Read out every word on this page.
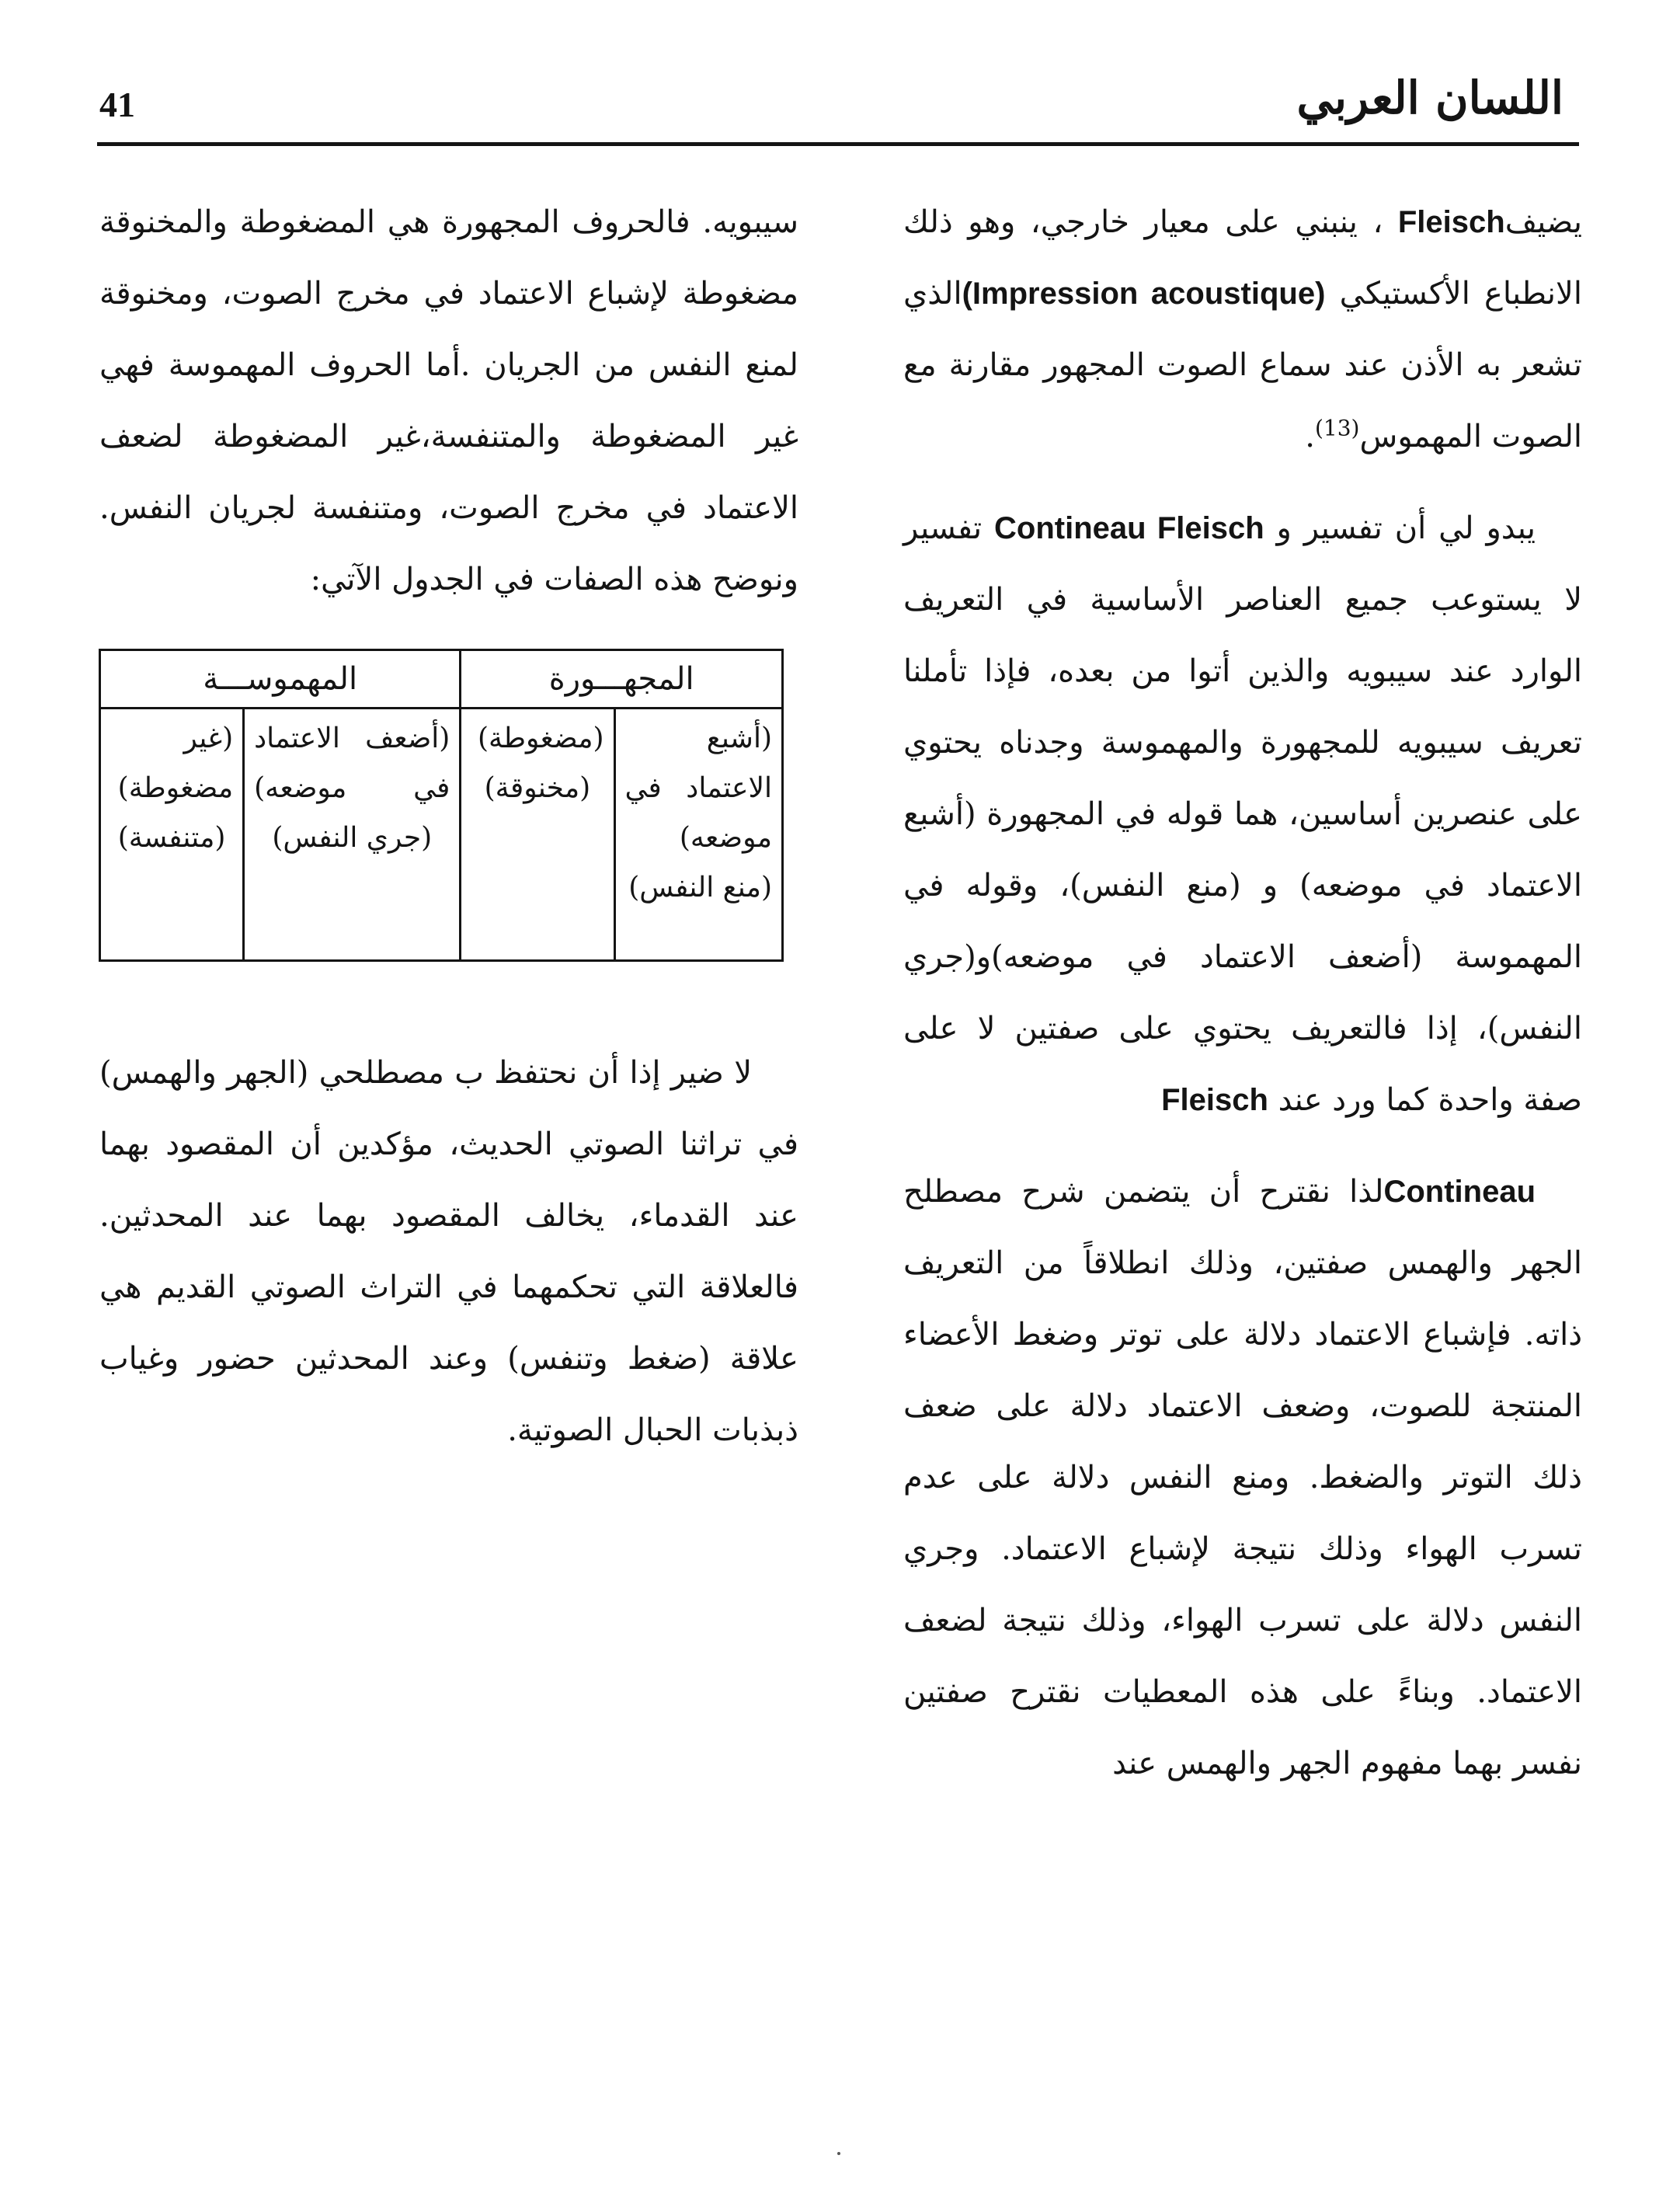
41	اللسان العربي

يضيفFleisch ، ينبني على معيار خارجي، وهو ذلك الانطباع الأكستيكي (Impression acoustique)الذي تشعر به الأذن عند سماع الصوت المجهور مقارنة مع الصوت المهموس$^{(13)}$.

يبدو لي أن تفسير و Contineau Fleisch تفسير لا يستوعب جميع العناصر الأساسية في التعريف الوارد عند سيبويه والذين أتوا من بعده، فإذا تأملنا تعريف سيبويه للمجهورة والمهموسة وجدناه يحتوي على عنصرين أساسين، هما قوله في المجهورة (أشبع الاعتماد في موضعه) و (منع النفس)، وقوله في المهموسة (أضعف الاعتماد في موضعه)و(جري النفس)، إذا فالتعريف يحتوي على صفتين لا على صفة واحدة كما ورد عند Fleisch

Contineauلذا نقترح أن يتضمن شرح مصطلح الجهر والهمس صفتين، وذلك انطلاقاً من التعريف ذاته. فإشباع الاعتماد دلالة على توتر وضغط الأعضاء المنتجة للصوت، وضعف الاعتماد دلالة على ضعف ذلك التوتر والضغط. ومنع النفس دلالة على عدم تسرب الهواء وذلك نتيجة لإشباع الاعتماد. وجري النفس دلالة على تسرب الهواء، وذلك نتيجة لضعف الاعتماد. وبناءً على هذه المعطيات نقترح صفتين نفسر بهما مفهوم الجهر والهمس عند

سيبويه. فالحروف المجهورة هي المضغوطة والمخنوقة مضغوطة لإشباع الاعتماد في مخرج الصوت، ومخنوقة لمنع النفس من الجريان .أما الحروف المهموسة فهي غير المضغوطة والمتنفسة،غير المضغوطة لضعف الاعتماد في مخرج الصوت، ومتنفسة لجريان النفس. ونوضح هذه الصفات في الجدول الآتي:

المجهـــورة		المهموســـة	
(أشبع الاعتماد في موضعه) (منع النفس)	(مضغوطة) (مخنوقة)	(أضعف الاعتماد في موضعه) (جري النفس)	(غير مضغوطة) (متنفسة)

لا ضير إذا أن نحتفظ ب مصطلحي (الجهر والهمس) في تراثنا الصوتي الحديث، مؤكدين أن المقصود بهما عند القدماء، يخالف المقصود بهما عند المحدثين. فالعلاقة التي تحكمهما في التراث الصوتي القديم هي علاقة (ضغط وتنفس) وعند المحدثين حضور وغياب ذبذبات الحبال الصوتية.
